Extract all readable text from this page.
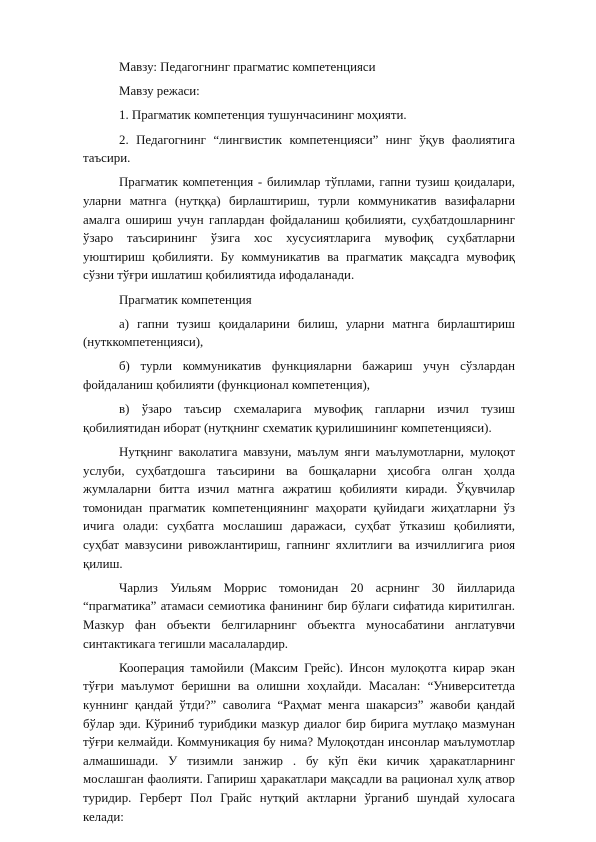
Мавзу: Педагогнинг прагматис компетенцияси

Мавзу режаси:

1. Прагматик компетенция тушунчасининг моҳияти.

2. Педагогнинг “лингвистик компетенцияси” нинг ўқув фаолиятига таъсири.

Прагматик компетенция - билимлар тўплами, гапни тузиш қоидалари, уларни матнга (нутққа) бирлаштириш, турли коммуникатив вазифаларни амалга ошириш учун гаплардан фойдаланиш қобилияти, суҳбатдошларнинг ўзаро таъсирининг ўзига хос хусусиятларига мувофиқ суҳбатларни уюштириш қобилияти. Бу коммуникатив ва прагматик мақсадга мувофиқ сўзни тўғри ишлатиш қобилиятида ифодаланади.

Прагматик компетенция

а) гапни тузиш қоидаларини билиш, уларни матнга бирлаштириш (нутккомпетенцияси),

б) турли коммуникатив функцияларни бажариш учун сўзлардан фойдаланиш қобилияти (функционал компетенция),

в) ўзаро таъсир схемаларига мувофиқ гапларни изчил тузиш қобилиятидан иборат (нутқнинг схематик қурилишининг компетенцияси).

Нутқнинг ваколатига мавзуни, маълум янги маълумотларни, мулоқот услуби, суҳбатдошга таъсирини ва бошқаларни ҳисобга олган ҳолда жумлаларни битта изчил матнга ажратиш қобилияти киради. Ўқувчилар томонидан прагматик компетенциянинг маҳорати қуйидаги жиҳатларни ўз ичига олади: суҳбатга мослашиш даражаси, суҳбат ўтказиш қобилияти, суҳбат мавзусини ривожлантириш, гапнинг яхлитлиги ва изчиллигига риоя қилиш.

Чарлиз Уильям Моррис томонидан 20 асрнинг 30 йилларида “прагматика” атамаси семиотика фанининг бир бўлаги сифатида киритилган. Мазкур фан объекти белгиларнинг объектга муносабатини англатувчи синтактикага тегишли масалалардир.

Кооперация тамойили (Максим Грейс). Инсон мулоқотга кирар экан тўғри маълумот беришни ва олишни хоҳлайди. Масалан: “Университетда куннинг қандай ўтди?” саволига “Раҳмат менга шакарсиз” жавоби қандай бўлар эди. Кўриниб турибдики мазкур диалог бир бирига мутлақо мазмунан тўғри келмайди. Коммуникация бу нима? Мулоқотдан инсонлар маълумотлар алмашишади. У тизимли занжир . бу кўп ёки кичик ҳаракатларнинг мослашган фаолияти. Гапириш ҳаракатлари мақсадли ва рационал хулқ атвор туридир. Герберт Пол Грайс нутқий актларни ўрганиб шундай хулосага келади:
